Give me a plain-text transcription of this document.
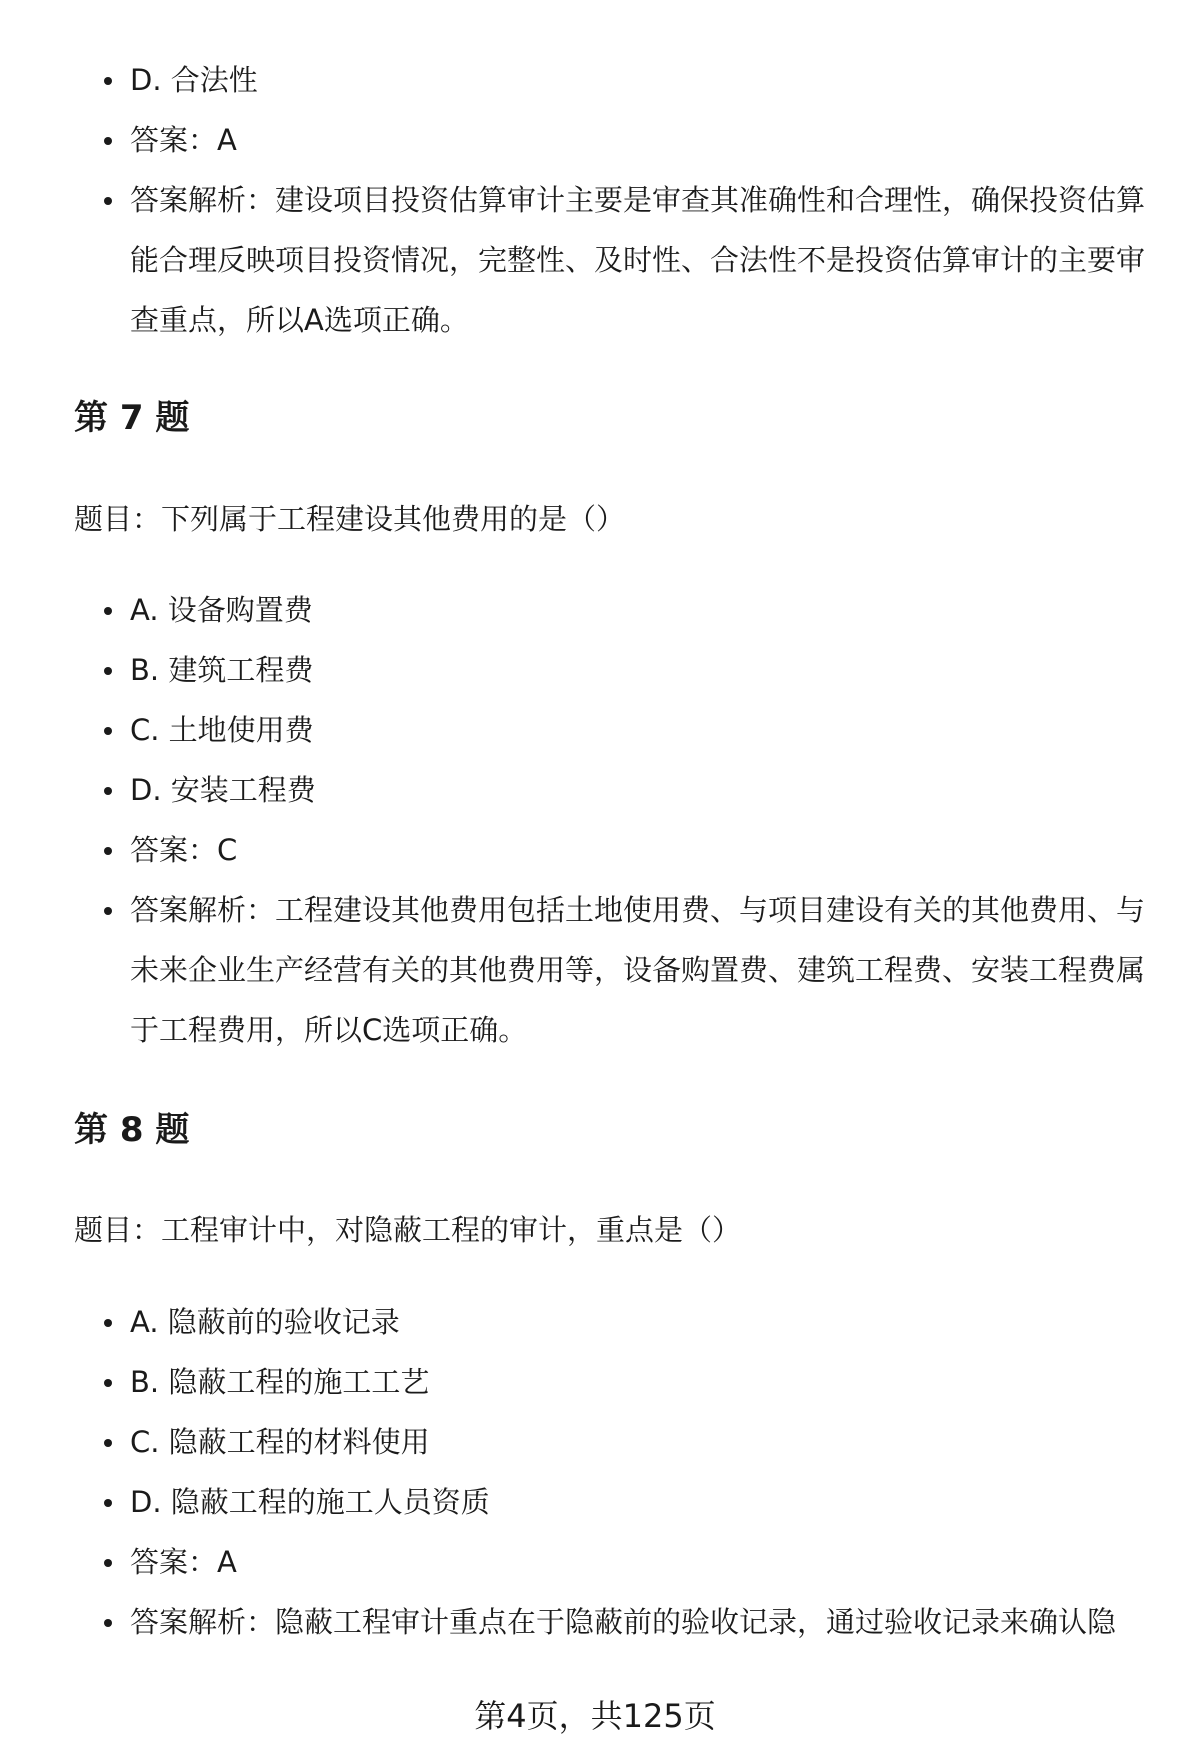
D. 合法性
答案：A
答案解析：建设项目投资估算审计主要是审查其准确性和合理性，确保投资估算能合理反映项目投资情况，完整性、及时性、合法性不是投资估算审计的主要审查重点，所以A选项正确。
第 7 题

题目：下列属于工程建设其他费用的是（）

A. 设备购置费
B. 建筑工程费
C. 土地使用费
D. 安装工程费
答案：C
答案解析：工程建设其他费用包括土地使用费、与项目建设有关的其他费用、与未来企业生产经营有关的其他费用等，设备购置费、建筑工程费、安装工程费属于工程费用，所以C选项正确。
第 8 题

题目：工程审计中，对隐蔽工程的审计，重点是（）

A. 隐蔽前的验收记录
B. 隐蔽工程的施工工艺
C. 隐蔽工程的材料使用
D. 隐蔽工程的施工人员资质
答案：A
答案解析：隐蔽工程审计重点在于隐蔽前的验收记录，通过验收记录来确认隐
第4页，共125页
